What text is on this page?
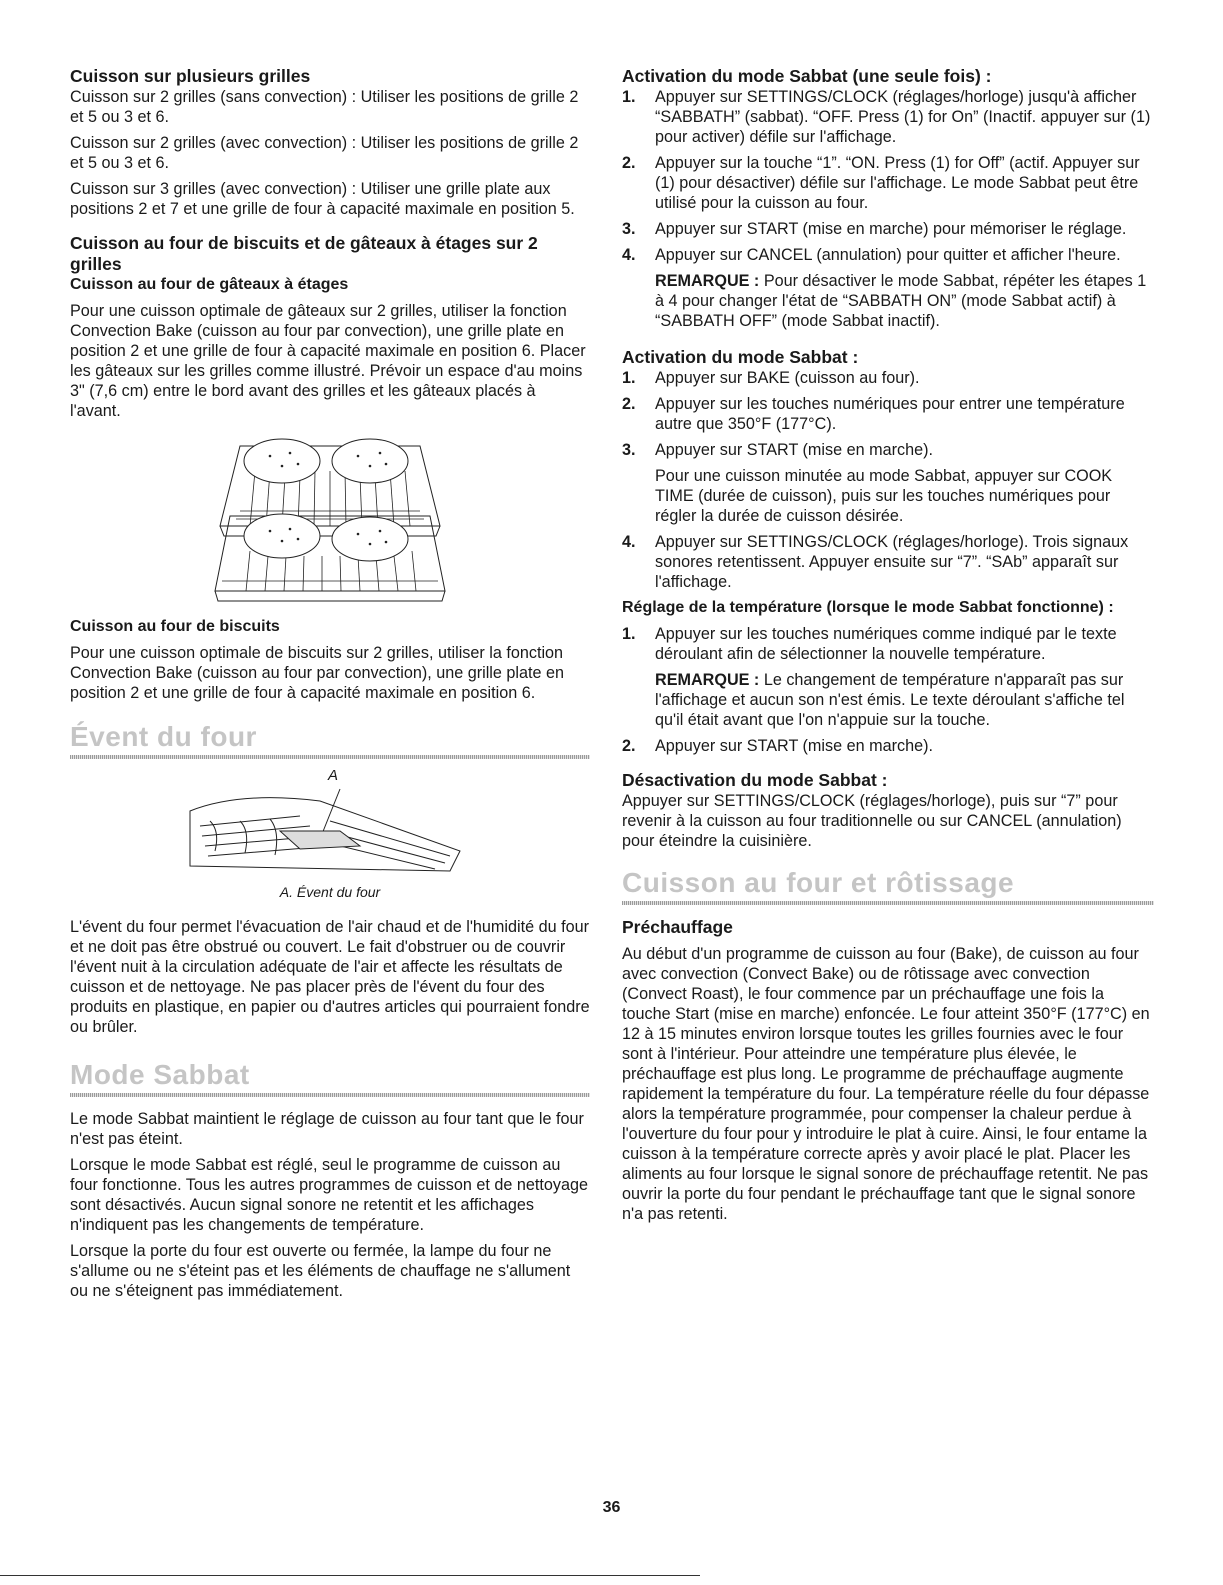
Cuisson sur plusieurs grilles

Cuisson sur 2 grilles (sans convection) : Utiliser les positions de grille 2 et 5 ou 3 et 6.

Cuisson sur 2 grilles (avec convection) : Utiliser les positions de grille 2 et 5 ou 3 et 6.

Cuisson sur 3 grilles (avec convection) : Utiliser une grille plate aux positions 2 et 7 et une grille de four à capacité maximale en position 5.

Cuisson au four de biscuits et de gâteaux à étages sur 2 grilles
Cuisson au four de gâteaux à étages

Pour une cuisson optimale de gâteaux sur 2 grilles, utiliser la fonction Convection Bake (cuisson au four par convection), une grille plate en position 2 et une grille de four à capacité maximale en position 6. Placer les gâteaux sur les grilles comme illustré. Prévoir un espace d'au moins 3" (7,6 cm) entre le bord avant des grilles et les gâteaux placés à l'avant.

Cuisson au four de biscuits

Pour une cuisson optimale de biscuits sur 2 grilles, utiliser la fonction Convection Bake (cuisson au four par convection), une grille plate en position 2 et une grille de four à capacité maximale en position 6.

Évent du four
A
A. Évent du four

L'évent du four permet l'évacuation de l'air chaud et de l'humidité du four et ne doit pas être obstrué ou couvert. Le fait d'obstruer ou de couvrir l'évent nuit à la circulation adéquate de l'air et affecte les résultats de cuisson et de nettoyage. Ne pas placer près de l'évent du four des produits en plastique, en papier ou d'autres articles qui pourraient fondre ou brûler.

Mode Sabbat

Le mode Sabbat maintient le réglage de cuisson au four tant que le four n'est pas éteint.

Lorsque le mode Sabbat est réglé, seul le programme de cuisson au four fonctionne. Tous les autres programmes de cuisson et de nettoyage sont désactivés. Aucun signal sonore ne retentit et les affichages n'indiquent pas les changements de température.

Lorsque la porte du four est ouverte ou fermée, la lampe du four ne s'allume ou ne s'éteint pas et les éléments de chauffage ne s'allument ou ne s'éteignent pas immédiatement.

Activation du mode Sabbat (une seule fois) :
1.	Appuyer sur SETTINGS/CLOCK (réglages/horloge) jusqu'à afficher “SABBATH” (sabbat). “OFF. Press (1) for On” (Inactif. appuyer sur (1) pour activer) défile sur l'affichage.
2.	Appuyer sur la touche “1”. “ON. Press (1) for Off” (actif. Appuyer sur (1) pour désactiver) défile sur l'affichage. Le mode Sabbat peut être utilisé pour la cuisson au four.
3.	Appuyer sur START (mise en marche) pour mémoriser le réglage.
4.	Appuyer sur CANCEL (annulation) pour quitter et afficher l'heure.
REMARQUE : Pour désactiver le mode Sabbat, répéter les étapes 1 à 4 pour changer l'état de “SABBATH ON” (mode Sabbat actif) à “SABBATH OFF” (mode Sabbat inactif).
Activation du mode Sabbat :
1.	Appuyer sur BAKE (cuisson au four).
2.	Appuyer sur les touches numériques pour entrer une température autre que 350°F (177°C).
3.	Appuyer sur START (mise en marche).
Pour une cuisson minutée au mode Sabbat, appuyer sur COOK TIME (durée de cuisson), puis sur les touches numériques pour régler la durée de cuisson désirée.
4.	Appuyer sur SETTINGS/CLOCK (réglages/horloge). Trois signaux sonores retentissent. Appuyer ensuite sur “7”. “SAb” apparaît sur l'affichage.
Réglage de la température (lorsque le mode Sabbat fonctionne) :
1.	Appuyer sur les touches numériques comme indiqué par le texte déroulant afin de sélectionner la nouvelle température.
REMARQUE : Le changement de température n'apparaît pas sur l'affichage et aucun son n'est émis. Le texte déroulant s'affiche tel qu'il était avant que l'on n'appuie sur la touche.
2.	Appuyer sur START (mise en marche).
Désactivation du mode Sabbat :

Appuyer sur SETTINGS/CLOCK (réglages/horloge), puis sur “7” pour revenir à la cuisson au four traditionnelle ou sur CANCEL (annulation) pour éteindre la cuisinière.

Cuisson au four et rôtissage
Préchauffage

Au début d'un programme de cuisson au four (Bake), de cuisson au four avec convection (Convect Bake) ou de rôtissage avec convection (Convect Roast), le four commence par un préchauffage une fois la touche Start (mise en marche) enfoncée. Le four atteint 350°F (177°C) en 12 à 15 minutes environ lorsque toutes les grilles fournies avec le four sont à l'intérieur. Pour atteindre une température plus élevée, le préchauffage est plus long. Le programme de préchauffage augmente rapidement la température du four. La température réelle du four dépasse alors la température programmée, pour compenser la chaleur perdue à l'ouverture du four pour y introduire le plat à cuire. Ainsi, le four entame la cuisson à la température correcte après y avoir placé le plat. Placer les aliments au four lorsque le signal sonore de préchauffage retentit. Ne pas ouvrir la porte du four pendant le préchauffage tant que le signal sonore n'a pas retenti.

36
